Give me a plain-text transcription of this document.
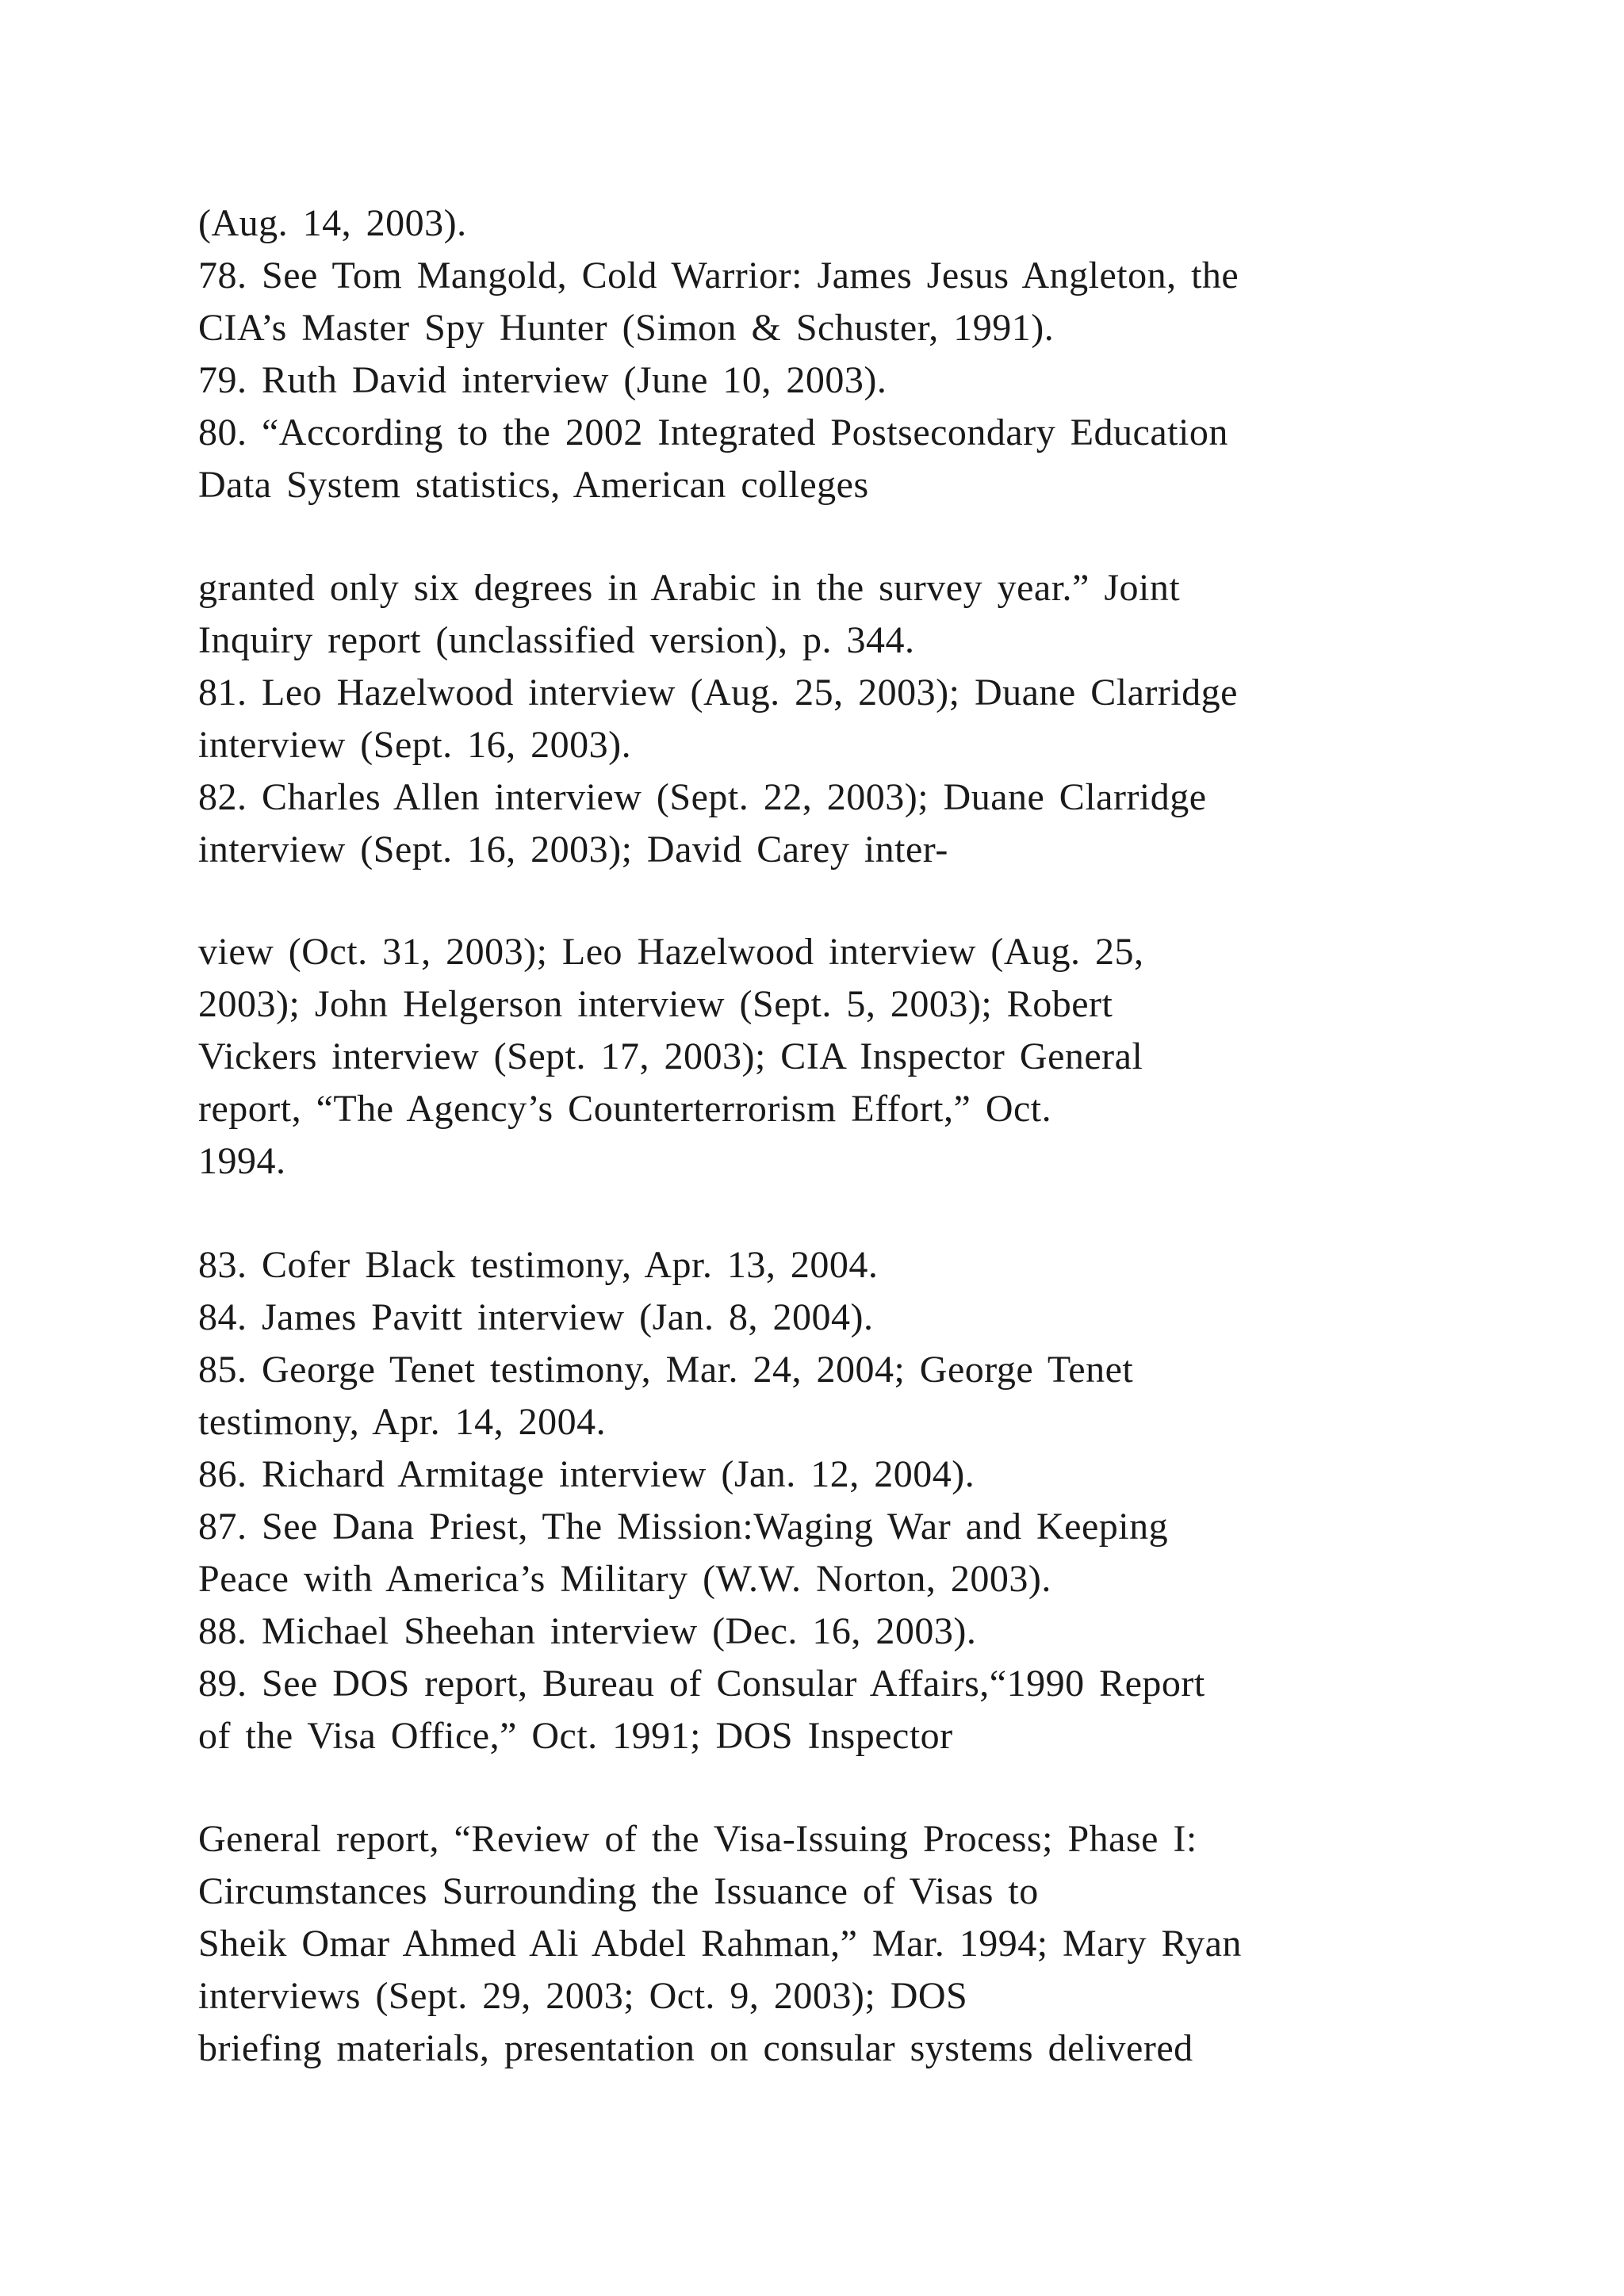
(Aug. 14, 2003).
78. See Tom Mangold, Cold Warrior: James Jesus Angleton, the
CIA’s Master Spy Hunter (Simon & Schuster, 1991).
79. Ruth David interview (June 10, 2003).
80. “According to the 2002 Integrated Postsecondary Education
Data System statistics, American colleges
granted only six degrees in Arabic in the survey year.” Joint
Inquiry report (unclassified version), p. 344.
81. Leo Hazelwood interview (Aug. 25, 2003); Duane Clarridge
interview (Sept. 16, 2003).
82. Charles Allen interview (Sept. 22, 2003); Duane Clarridge
interview (Sept. 16, 2003); David Carey inter-
view (Oct. 31, 2003); Leo Hazelwood interview (Aug. 25,
2003); John Helgerson interview (Sept. 5, 2003); Robert
Vickers interview (Sept. 17, 2003); CIA Inspector General
report, “The Agency’s Counterterrorism Effort,” Oct.
1994.
83. Cofer Black testimony, Apr. 13, 2004.
84. James Pavitt interview (Jan. 8, 2004).
85. George Tenet testimony, Mar. 24, 2004; George Tenet
testimony, Apr. 14, 2004.
86. Richard Armitage interview (Jan. 12, 2004).
87. See Dana Priest, The Mission:Waging War and Keeping
Peace with America’s Military (W.W. Norton, 2003).
88. Michael Sheehan interview (Dec. 16, 2003).
89. See DOS report, Bureau of Consular Affairs,“1990 Report
of the Visa Office,” Oct. 1991; DOS Inspector
General report, “Review of the Visa-Issuing Process; Phase I:
Circumstances Surrounding the Issuance of Visas to
Sheik Omar Ahmed Ali Abdel Rahman,” Mar. 1994; Mary Ryan
interviews (Sept. 29, 2003; Oct. 9, 2003); DOS
briefing materials, presentation on consular systems delivered
